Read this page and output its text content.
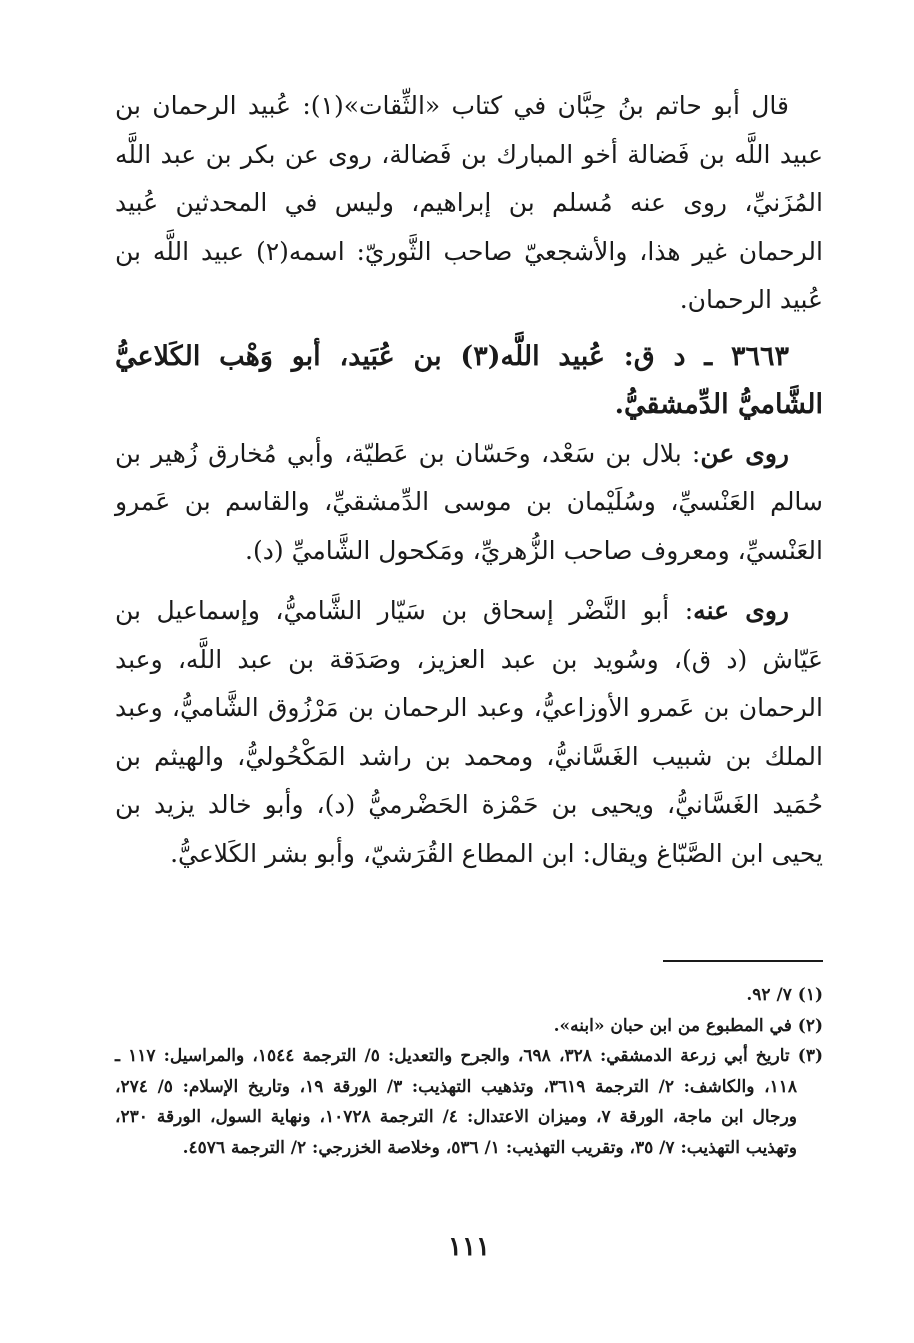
قال أبو حاتم بنُ حِبَّان في كتاب «الثِّقات»(١): عُبيد الرحمان بن عبيد اللَّه بن فَضالة أخو المبارك بن فَضالة، روى عن بكر بن عبد اللَّه المُزَنيِّ، روى عنه مُسلم بن إبراهيم، وليس في المحدثين عُبيد الرحمان غير هذا، والأشجعيّ صاحب الثَّوريّ: اسمه(٢) عبيد اللَّه بن عُبيد الرحمان.

٣٦٦٣ ـ د ق: عُبيد اللَّه(٣) بن عُبَيد، أبو وَهْب الكَلاعيُّ الشَّاميُّ الدِّمشقيُّ.

روى عن: بلال بن سَعْد، وحَسّان بن عَطيّة، وأبي مُخارق زُهير بن سالم العَنْسيِّ، وسُلَيْمان بن موسى الدِّمشقيِّ، والقاسم بن عَمرو العَنْسيِّ، ومعروف صاحب الزُّهريِّ، ومَكحول الشَّاميِّ (د).

روى عنه: أبو النَّضْر إسحاق بن سَيّار الشَّاميُّ، وإسماعيل بن عَيّاش (د ق)، وسُويد بن عبد العزيز، وصَدَقة بن عبد اللَّه، وعبد الرحمان بن عَمرو الأوزاعيُّ، وعبد الرحمان بن مَرْزُوق الشَّاميُّ، وعبد الملك بن شبيب الغَسَّانيُّ، ومحمد بن راشد المَكْحُوليُّ، والهيثم بن حُمَيد الغَسَّانيُّ، ويحيى بن حَمْزة الحَضْرميُّ (د)، وأبو خالد يزيد بن يحيى ابن الصَّبّاغ ويقال: ابن المطاع القُرَشيّ، وأبو بشر الكَلاعيُّ.

(١) ٧/ ٩٢.

(٢) في المطبوع من ابن حبان «ابنه».

(٣) تاريخ أبي زرعة الدمشقي: ٣٢٨، ٦٩٨، والجرح والتعديل: ٥/ الترجمة ١٥٤٤، والمراسيل: ١١٧ ـ ١١٨، والكاشف: ٢/ الترجمة ٣٦١٩، وتذهيب التهذيب: ٣/ الورقة ١٩، وتاريخ الإسلام: ٥/ ٢٧٤، ورجال ابن ماجة، الورقة ٧، وميزان الاعتدال: ٤/ الترجمة ١٠٧٢٨، ونهاية السول، الورقة ٢٣٠، وتهذيب التهذيب: ٧/ ٣٥، وتقريب التهذيب: ١/ ٥٣٦، وخلاصة الخزرجي: ٢/ الترجمة ٤٥٧٦.

١١١
